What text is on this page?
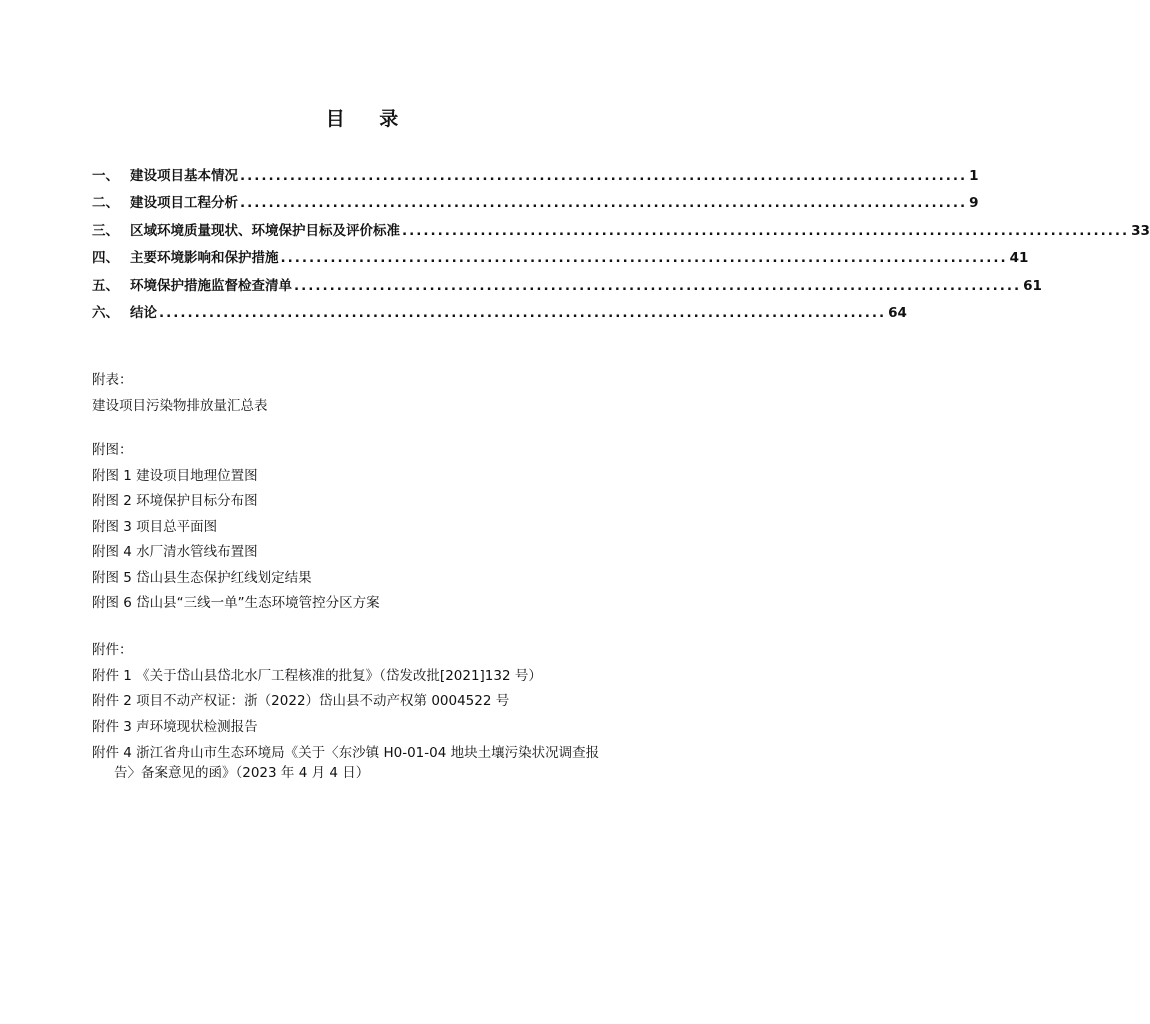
目 录
一、 建设项目基本情况 ...................................................................................................... 1
二、 建设项目工程分析 ...................................................................................................... 9
三、 区域环境质量现状、环境保护目标及评价标准 ...................................................................................................... 33
四、 主要环境影响和保护措施 ...................................................................................................... 41
五、 环境保护措施监督检查清单 ...................................................................................................... 61
六、 结论 ...................................................................................................... 64
附表：
建设项目污染物排放量汇总表
附图：
附图 1 建设项目地理位置图
附图 2 环境保护目标分布图
附图 3 项目总平面图
附图 4 水厂清水管线布置图
附图 5 岱山县生态保护红线划定结果
附图 6 岱山县“三线一单”生态环境管控分区方案
附件：
附件 1 《关于岱山县岱北水厂工程核准的批复》（岱发改批[2021]132 号）
附件 2 项目不动产权证：浙（2022）岱山县不动产权第 0004522 号
附件 3 声环境现状检测报告
附件 4 浙江省舟山市生态环境局《关于〈东沙镇 H0-01-04 地块土壤污染状况调查报
告〉备案意见的函》（2023 年 4 月 4 日）
